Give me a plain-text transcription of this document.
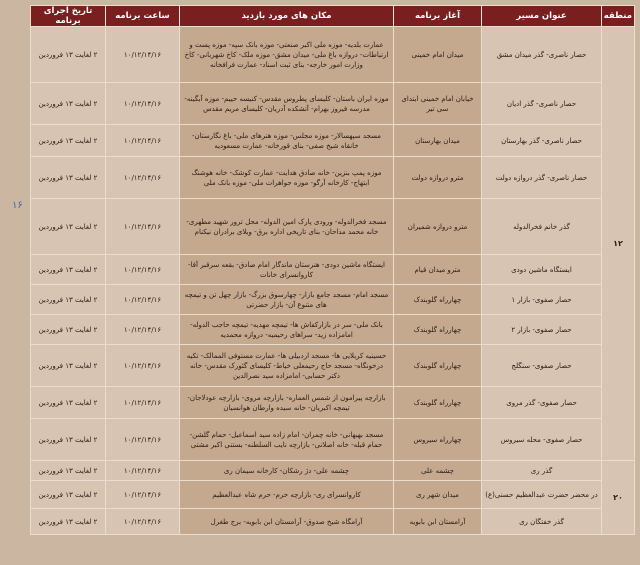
۱۶
منطقه	عنوان مسیر	آغاز برنامه	مکان های مورد بازدید	ساعت برنامه	تاریخ اجرای برنامه
۱۲	حصار ناصری- گذر میدان مشق	میدان امام خمینی	عمارت بلدیه- موزه ملی اکبر صنعتی- موزه بانک سپه- موزه پست و ارتباطات- دروازه باغ ملی- میدان مشق- موزه ملک- کاخ شهربانی- کاخ وزارت امور خارجه- بنای ثبت اسناد- عمارت فرافخانه	۱۰/۱۲/۱۴/۱۶	۲ لغایت ۱۳ فروردین
	حصار ناصری- گذر ادیان	خیابان امام خمینی ابتدای سی تیر	موزه ایران باستان- کلیسای پطروس مقدس- کنیسه حییم- موزه آبگینه- مدرسه فیروز بهرام- آتشکده آدریان- کلیسای مریم مقدس	۱۰/۱۲/۱۴/۱۶	۲ لغایت ۱۳ فروردین
	حصار ناصری- گذر بهارستان	میدان بهارستان	مسجد سپهسالار- موزه مجلس- موزه هنرهای ملی- باغ نگارستان- خانقاه شیخ صفی- بنای قورخانه- عمارت مسعودیه	۱۰/۱۲/۱۴/۱۶	۲ لغایت ۱۳ فروردین
	حصار ناصری- گذر دروازه دولت	مترو دروازه دولت	موزه پمپ بنزین- خانه صادق هدایت- عمارت کوشک- خانه هوشنگ ابتهاج- کارخانه آرگو- موزه جواهرات ملی- موزه بانک ملی	۱۰/۱۲/۱۴/۱۶	۲ لغایت ۱۳ فروردین
	گذر خانم فخرالدوله	مترو دروازه شمیران	مسجد فخرالدوله- ورودی پارک امین الدوله- محل ترور شهید مطهری- خانه محمد مداحان- بنای تاریخی اداره برق- ویلای برادران نیکنام	۱۰/۱۲/۱۴/۱۶	۲ لغایت ۱۳ فروردین
	ایستگاه ماشین دودی	مترو میدان قیام	ایستگاه ماشین دودی- هنرستان ماندگار امام صادق- بقعه سرقبر آقا- کاروانسرای خانات	۱۰/۱۲/۱۴/۱۶	۲ لغایت ۱۳ فروردین
	حصار صفوی- بازار ۱	چهارراه گلوبندک	مسجد امام- مسجد جامع بازار- چهارسوق بزرگ- بازار چهل تن و تیمچه های متنوع آن- بازار حضرتی	۱۰/۱۲/۱۴/۱۶	۲ لغایت ۱۳ فروردین
	حصار صفوی- بازار ۲	چهارراه گلوبندک	بانک ملی- سر در بازارکفاش ها- تیمچه مهدیه- تیمچه حاجب الدوله- امامزاده زید- سراهای رحیمیه- دروازه محمدیه	۱۰/۱۲/۱۴/۱۶	۲ لغایت ۱۳ فروردین
	حصار صفوی- سنگلج	چهارراه گلوبندک	حسینیه کربلایی ها- مسجد اردبیلی ها- عمارت مستوفی الممالک- تکیه درخونگاه- مسجد حاج رحیمعلی خیاط- کلیسای گئورک مقدس- خانه دکتر حسابی- امامزاده سید نصرالدین	۱۰/۱۲/۱۴/۱۶	۲ لغایت ۱۳ فروردین
	حصار صفوی- گذر مروی	چهارراه گلوبندک	بازارچه پیرامون از شمس العماره- بازارچه مروی- بازارچه عودلاجان- تیمچه اکبریان- خانه سیده وارطان هوانسیان	۱۰/۱۲/۱۴/۱۶	۲ لغایت ۱۳ فروردین
	حصار صفوی- محله سیروس	چهارراه سیروس	مسجد بهبهانی- خانه چمران- امام زاده سید اسماعیل- حمام گلشن- حمام قبله- خانه اصلانی- بازارچه نایب السلطنه- بستنی اکبر مشتی	۱۰/۱۲/۱۴/۱۶	۲ لغایت ۱۳ فروردین
۲۰	گذر ری	چشمه علی	چشمه علی- دژ رشکان- کارخانه سیمان ری	۱۰/۱۲/۱۴/۱۶	۲ لغایت ۱۳ فروردین
	در محضر حضرت عبدالعظیم حسنی(ع)	میدان شهر ری	کاروانسرای ری- بازارچه حرم- حرم شاه عبدالعظیم	۱۰/۱۲/۱۴/۱۶	۲ لغایت ۱۳ فروردین
	گذر خفتگان ری	آرامستان ابن بابویه	آرامگاه شیخ صدوق- آرامستان ابن بابویه- برج طغرل	۱۰/۱۲/۱۴/۱۶	۲ لغایت ۱۳ فروردین
